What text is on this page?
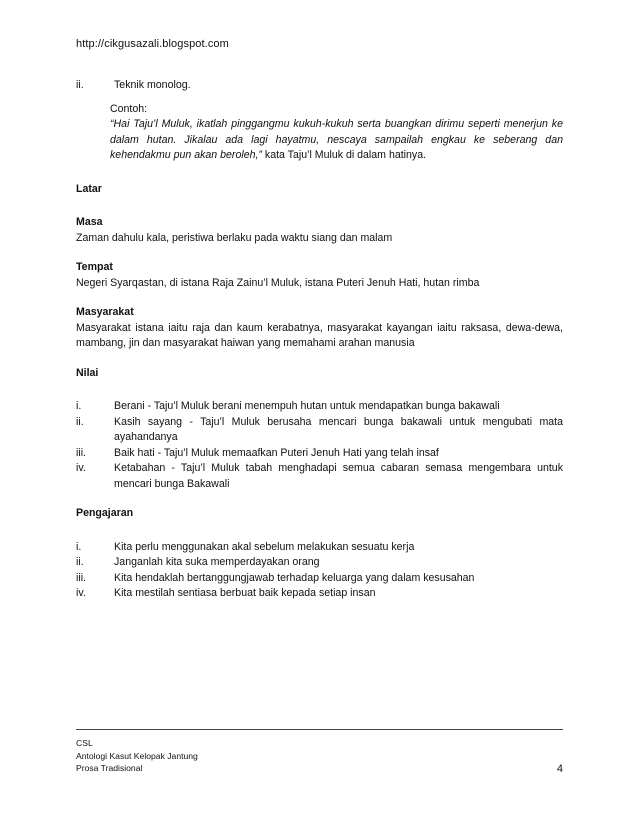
http://cikgusazali.blogspot.com
ii.	Teknik monolog.
Contoh:
“Hai Taju’l Muluk, ikatlah pinggangmu kukuh-kukuh serta buangkan dirimu seperti menerjun ke dalam hutan. Jikalau ada lagi hayatmu, nescaya sampailah engkau ke seberang dan kehendakmu pun akan beroleh,” kata Taju’l Muluk di dalam hatinya.
Latar
Masa
Zaman dahulu kala, peristiwa berlaku pada waktu siang dan malam
Tempat
Negeri Syarqastan, di istana Raja Zainu’l Muluk, istana Puteri Jenuh Hati, hutan rimba
Masyarakat
Masyarakat istana iaitu raja dan kaum kerabatnya, masyarakat kayangan iaitu raksasa, dewa-dewa, mambang, jin dan masyarakat haiwan yang memahami arahan manusia
Nilai
i.	Berani - Taju’l Muluk berani menempuh hutan untuk mendapatkan bunga bakawali
ii.	Kasih sayang - Taju’l Muluk berusaha mencari bunga bakawali untuk mengubati mata ayahandanya
iii.	Baik hati - Taju’l Muluk memaafkan Puteri Jenuh Hati yang telah insaf
iv.	Ketabahan - Taju’l Muluk tabah menghadapi semua cabaran semasa mengembara untuk mencari bunga Bakawali
Pengajaran
i.	Kita perlu menggunakan akal sebelum melakukan sesuatu kerja
ii.	Janganlah kita suka memperdayakan orang
iii.	Kita hendaklah bertanggungjawab terhadap keluarga yang dalam kesusahan
iv.	Kita mestilah sentiasa berbuat baik kepada setiap insan
CSL
Antologi Kasut Kelopak Jantung
Prosa Tradisional	4
